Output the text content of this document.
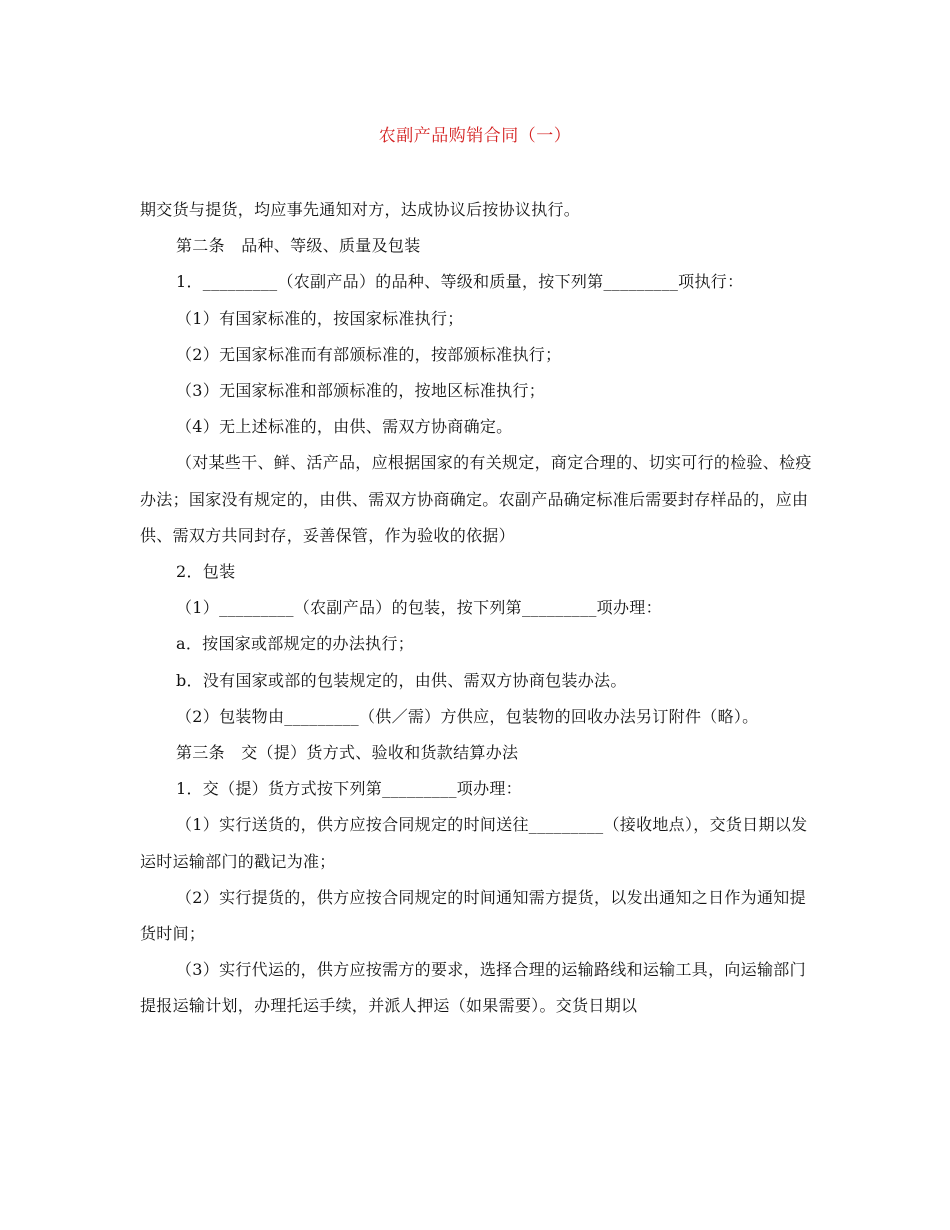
农副产品购销合同（一）

期交货与提货，均应事先通知对方，达成协议后按协议执行。

第二条　品种、等级、质量及包装

1．_________（农副产品）的品种、等级和质量，按下列第_________项执行：

（1）有国家标准的，按国家标准执行；

（2）无国家标准而有部颁标准的，按部颁标准执行；

（3）无国家标准和部颁标准的，按地区标准执行；

（4）无上述标准的，由供、需双方协商确定。

（对某些干、鲜、活产品，应根据国家的有关规定，商定合理的、切实可行的检验、检疫办法；国家没有规定的，由供、需双方协商确定。农副产品确定标准后需要封存样品的，应由供、需双方共同封存，妥善保管，作为验收的依据）

2．包装

（1）_________（农副产品）的包装，按下列第_________项办理：

a．按国家或部规定的办法执行；

b．没有国家或部的包装规定的，由供、需双方协商包装办法。

（2）包装物由_________（供／需）方供应，包装物的回收办法另订附件（略）。

第三条　交（提）货方式、验收和货款结算办法

1．交（提）货方式按下列第_________项办理：

（1）实行送货的，供方应按合同规定的时间送往_________（接收地点），交货日期以发运时运输部门的戳记为准；

（2）实行提货的，供方应按合同规定的时间通知需方提货，以发出通知之日作为通知提货时间；

（3）实行代运的，供方应按需方的要求，选择合理的运输路线和运输工具，向运输部门提报运输计划，办理托运手续，并派人押运（如果需要）。交货日期以
